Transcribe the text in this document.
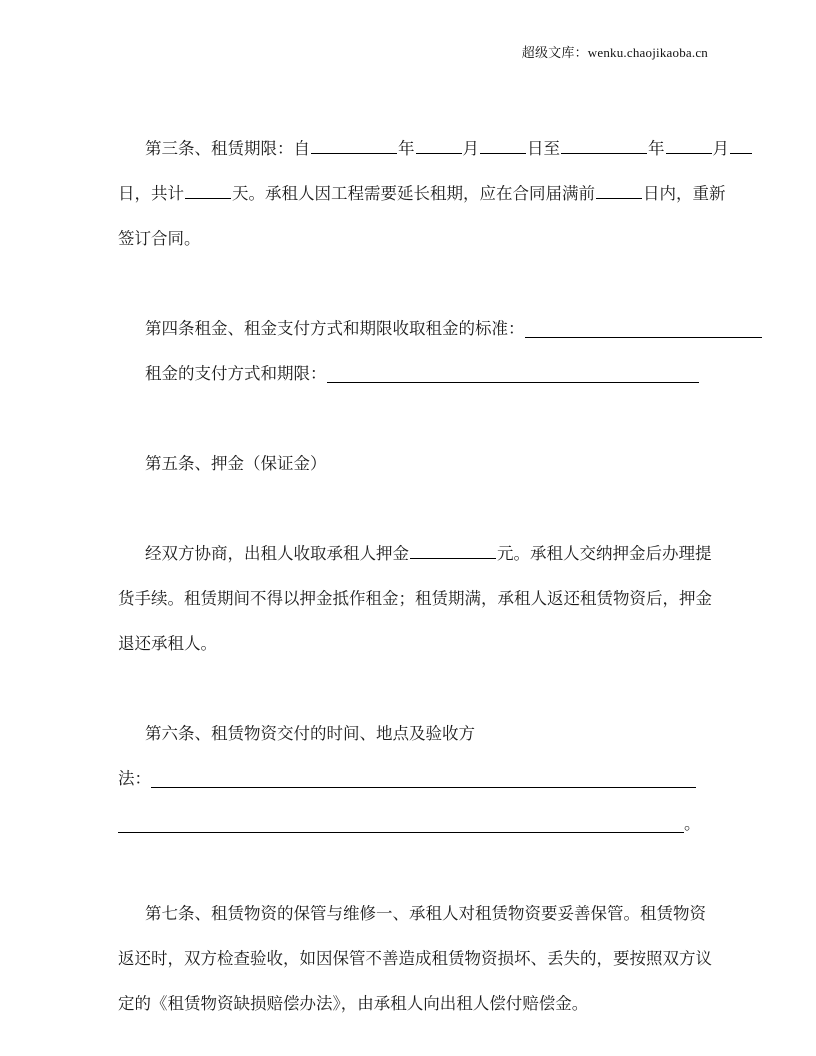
超级文库：wenku.chaojikaoba.cn
第三条、租赁期限：自	年	月	日至	年	月
日，共计	天。承租人因工程需要延长租期，应在合同届满前	日内，重新
签订合同。
第四条租金、租金支付方式和期限收取租金的标准：
租金的支付方式和期限：
第五条、押金（保证金）
经双方协商，出租人收取承租人押金	元。承租人交纳押金后办理提
货手续。租赁期间不得以押金抵作租金；租赁期满，承租人返还租赁物资后，押金
退还承租人。
第六条、租赁物资交付的时间、地点及验收方
法：
。
第七条、租赁物资的保管与维修一、承租人对租赁物资要妥善保管。租赁物资
返还时，双方检查验收，如因保管不善造成租赁物资损坏、丢失的，要按照双方议
定的《租赁物资缺损赔偿办法》，由承租人向出租人偿付赔偿金。
